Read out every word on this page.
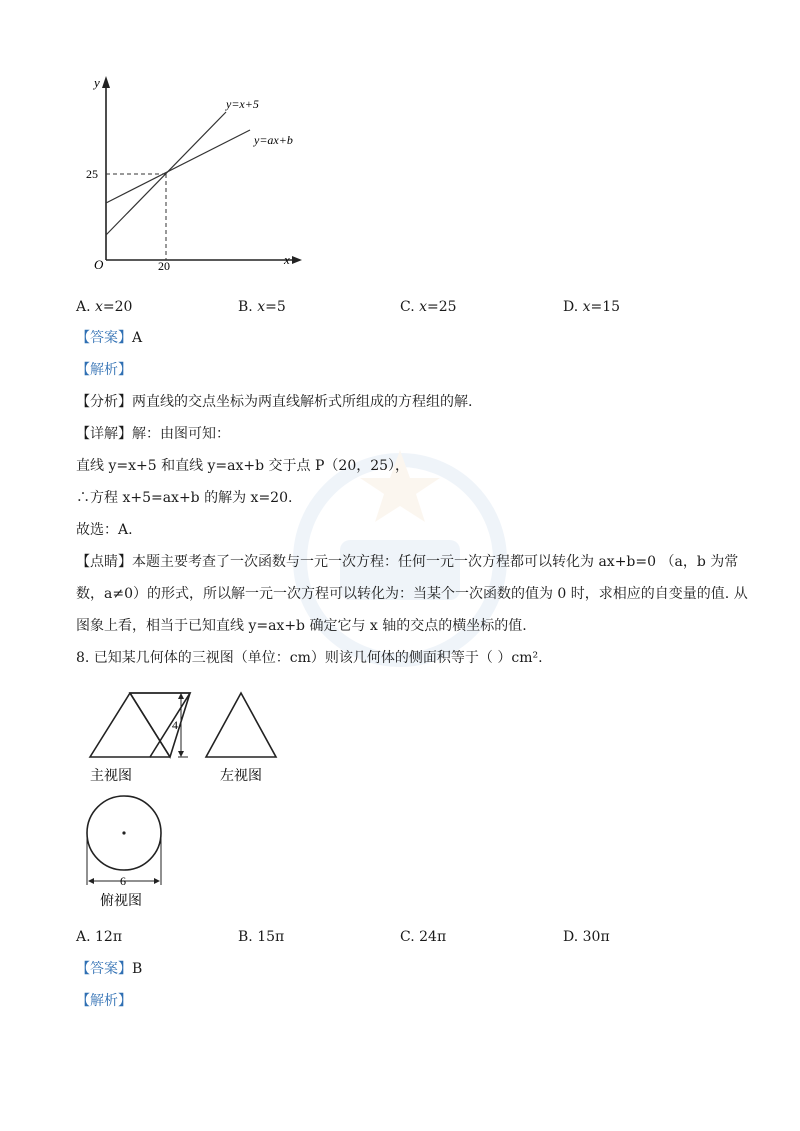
y
x
O
25
20
y=x+5
y=ax+b
A. x=20	B. x=5	C. x=25	D. x=15
【答案】A
【解析】
【分析】两直线的交点坐标为两直线解析式所组成的方程组的解.
【详解】解：由图可知：
直线 y=x+5 和直线 y=ax+b 交于点 P（20，25），
∴方程 x+5=ax+b 的解为 x=20.
故选：A.
【点睛】本题主要考查了一次函数与一元一次方程：任何一元一次方程都可以转化为 ax+b=0 （a，b 为常
数，a≠0）的形式，所以解一元一次方程可以转化为：当某个一次函数的值为 0 时，求相应的自变量的值. 从
图象上看，相当于已知直线 y=ax+b 确定它与 x 轴的交点的横坐标的值.
8. 已知某几何体的三视图（单位：cm）则该几何体的侧面积等于（ ）cm².
4
主视图	左视图
6
俯视图
A. 12π	B. 15π	C. 24π	D. 30π
【答案】B
【解析】
